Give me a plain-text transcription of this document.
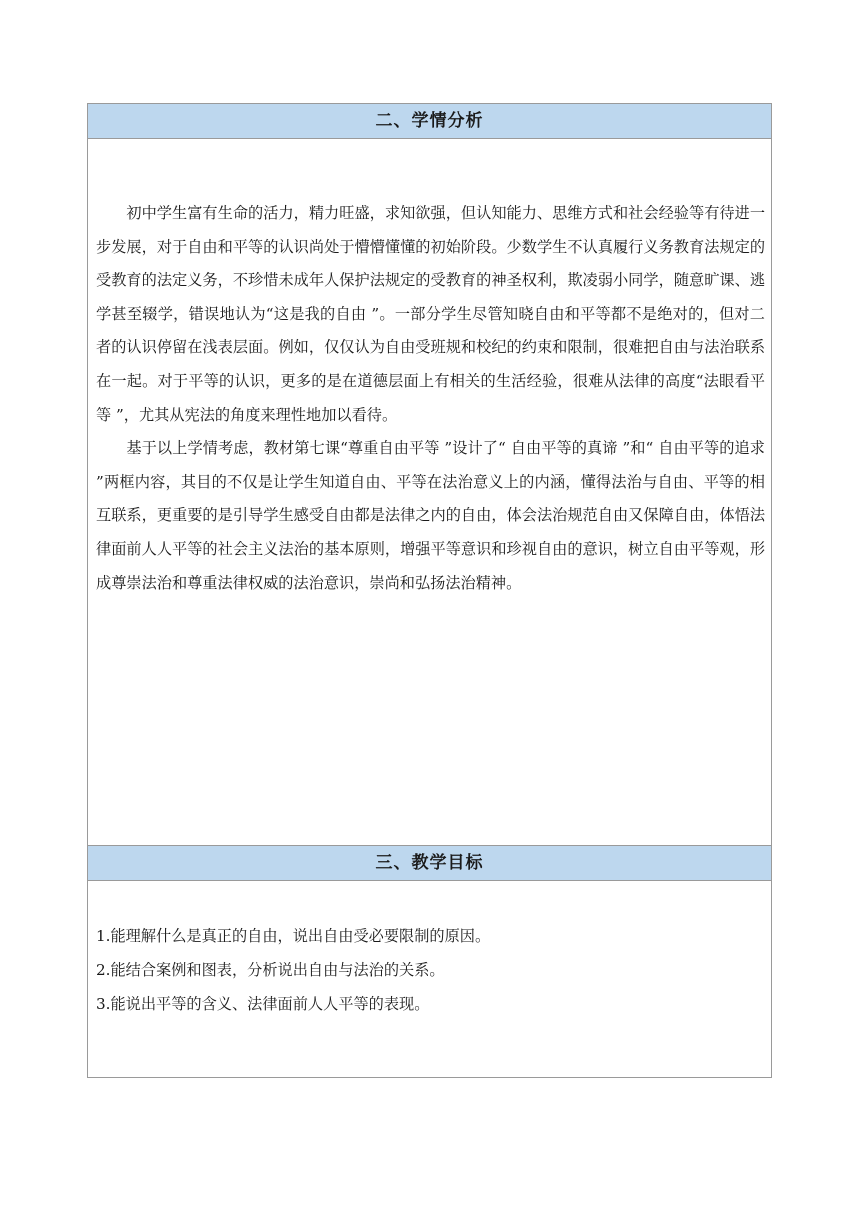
二、学情分析

初中学生富有生命的活力，精力旺盛，求知欲强，但认知能力、思维方式和社会经验等有待进一步发展，对于自由和平等的认识尚处于懵懵懂懂的初始阶段。少数学生不认真履行义务教育法规定的受教育的法定义务，不珍惜未成年人保护法规定的受教育的神圣权利，欺凌弱小同学，随意旷课、逃学甚至辍学，错误地认为“这是我的自由 ”。一部分学生尽管知晓自由和平等都不是绝对的，但对二者的认识停留在浅表层面。例如，仅仅认为自由受班规和校纪的约束和限制，很难把自由与法治联系在一起。对于平等的认识，更多的是在道德层面上有相关的生活经验，很难从法律的高度“法眼看平等 ”，尤其从宪法的角度来理性地加以看待。

基于以上学情考虑，教材第七课“尊重自由平等 ”设计了“ 自由平等的真谛 ”和“ 自由平等的追求 ”两框内容，其目的不仅是让学生知道自由、平等在法治意义上的内涵，懂得法治与自由、平等的相互联系，更重要的是引导学生感受自由都是法律之内的自由，体会法治规范自由又保障自由，体悟法律面前人人平等的社会主义法治的基本原则，增强平等意识和珍视自由的意识，树立自由平等观，形成尊崇法治和尊重法律权威的法治意识，崇尚和弘扬法治精神。

三、教学目标
1.能理解什么是真正的自由，说出自由受必要限制的原因。
2.能结合案例和图表，分析说出自由与法治的关系。
3.能说出平等的含义、法律面前人人平等的表现。
